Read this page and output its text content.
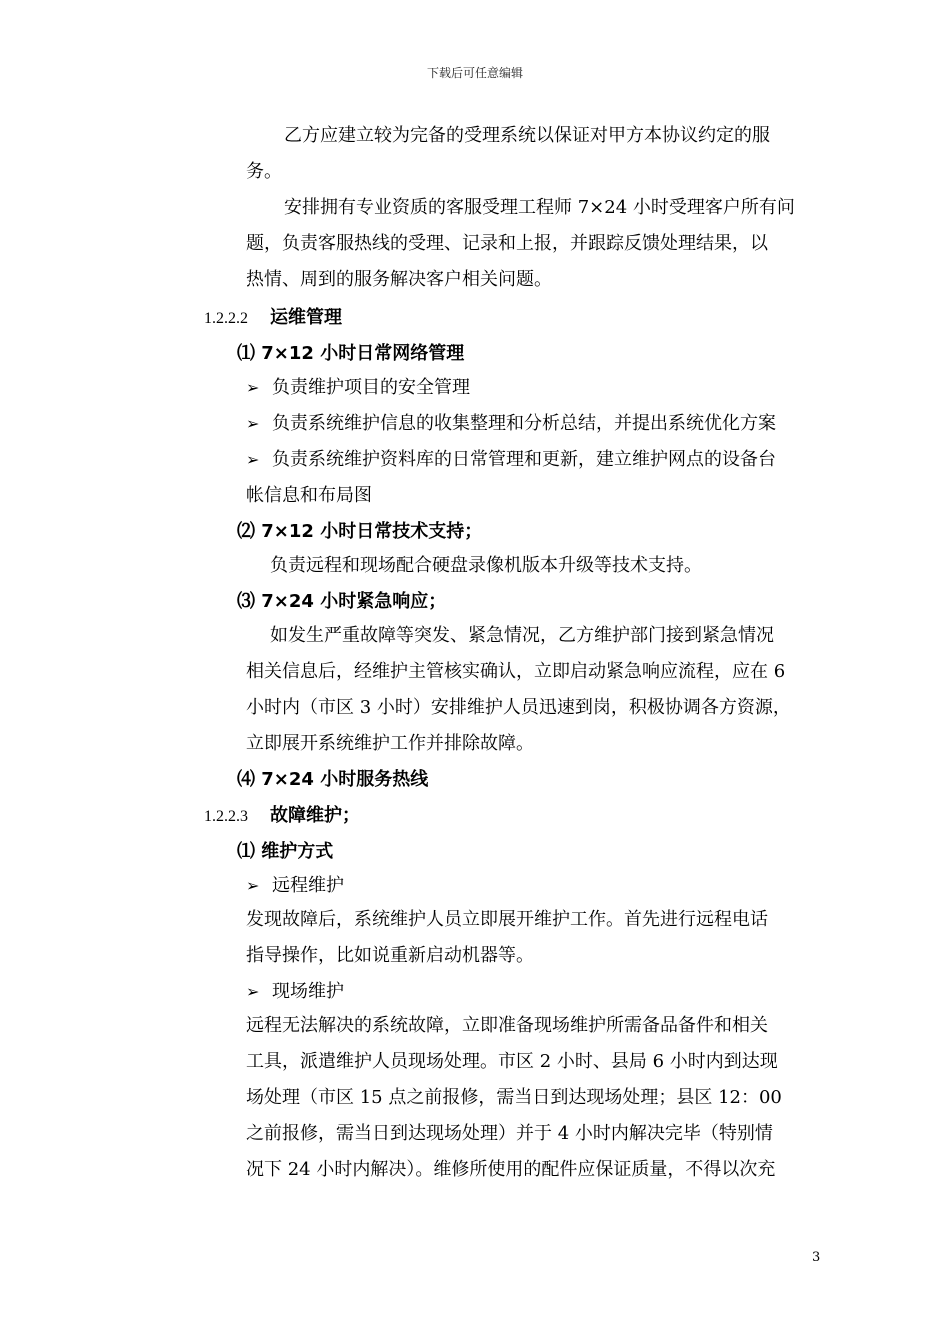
下载后可任意编辑
乙方应建立较为完备的受理系统以保证对甲方本协议约定的服
务。
安排拥有专业资质的客服受理工程师 7×24 小时受理客户所有问
题，负责客服热线的受理、记录和上报，并跟踪反馈处理结果，以
热情、周到的服务解决客户相关问题。
1.2.2.2 运维管理
⑴ 7×12 小时日常网络管理
➢ 负责维护项目的安全管理
➢ 负责系统维护信息的收集整理和分析总结，并提出系统优化方案
➢ 负责系统维护资料库的日常管理和更新，建立维护网点的设备台
帐信息和布局图
⑵ 7×12 小时日常技术支持；
负责远程和现场配合硬盘录像机版本升级等技术支持。
⑶ 7×24 小时紧急响应；
如发生严重故障等突发、紧急情况，乙方维护部门接到紧急情况
相关信息后，经维护主管核实确认，立即启动紧急响应流程，应在 6
小时内（市区 3 小时）安排维护人员迅速到岗，积极协调各方资源，
立即展开系统维护工作并排除故障。
⑷ 7×24 小时服务热线
1.2.2.3 故障维护；
⑴ 维护方式
➢ 远程维护
发现故障后，系统维护人员立即展开维护工作。首先进行远程电话
指导操作，比如说重新启动机器等。
➢ 现场维护
远程无法解决的系统故障，立即准备现场维护所需备品备件和相关
工具，派遣维护人员现场处理。市区 2 小时、县局 6 小时内到达现
场处理（市区 15 点之前报修，需当日到达现场处理；县区 12：00
之前报修，需当日到达现场处理）并于 4 小时内解决完毕（特别情
况下 24 小时内解决）。维修所使用的配件应保证质量，不得以次充
3
